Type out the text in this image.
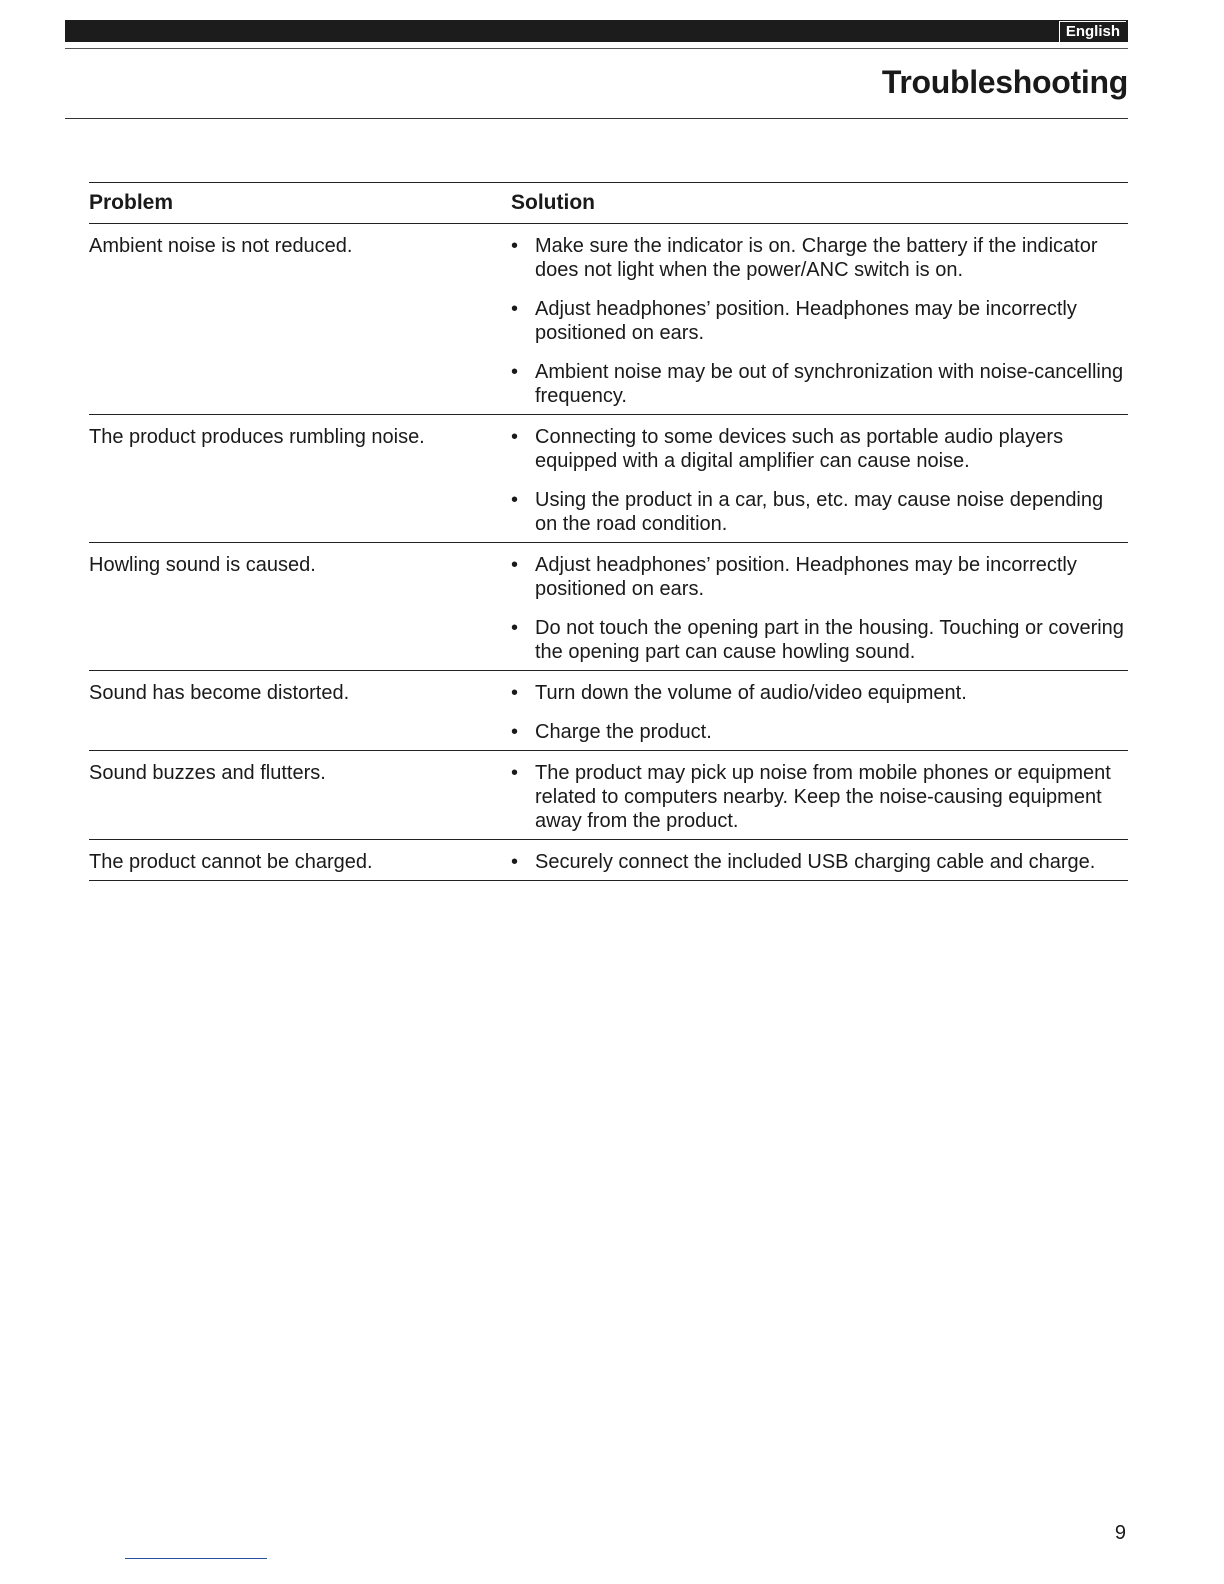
English
Troubleshooting
Problem	Solution
Ambient noise is not reduced.	• Make sure the indicator is on. Charge the battery if the indicator does not light when the power/ANC switch is on.
• Adjust headphones’ position. Headphones may be incorrectly positioned on ears.
• Ambient noise may be out of synchronization with noise-cancelling frequency.
The product produces rumbling noise.	• Connecting to some devices such as portable audio players equipped with a digital amplifier can cause noise.
• Using the product in a car, bus, etc. may cause noise depending on the road condition.
Howling sound is caused.	• Adjust headphones’ position. Headphones may be incorrectly positioned on ears.
• Do not touch the opening part in the housing. Touching or covering the opening part can cause howling sound.
Sound has become distorted.	• Turn down the volume of audio/video equipment.
• Charge the product.
Sound buzzes and flutters.	• The product may pick up noise from mobile phones or equipment related to computers nearby. Keep the noise-causing equipment away from the product.
The product cannot be charged.	• Securely connect the included USB charging cable and charge.
9
